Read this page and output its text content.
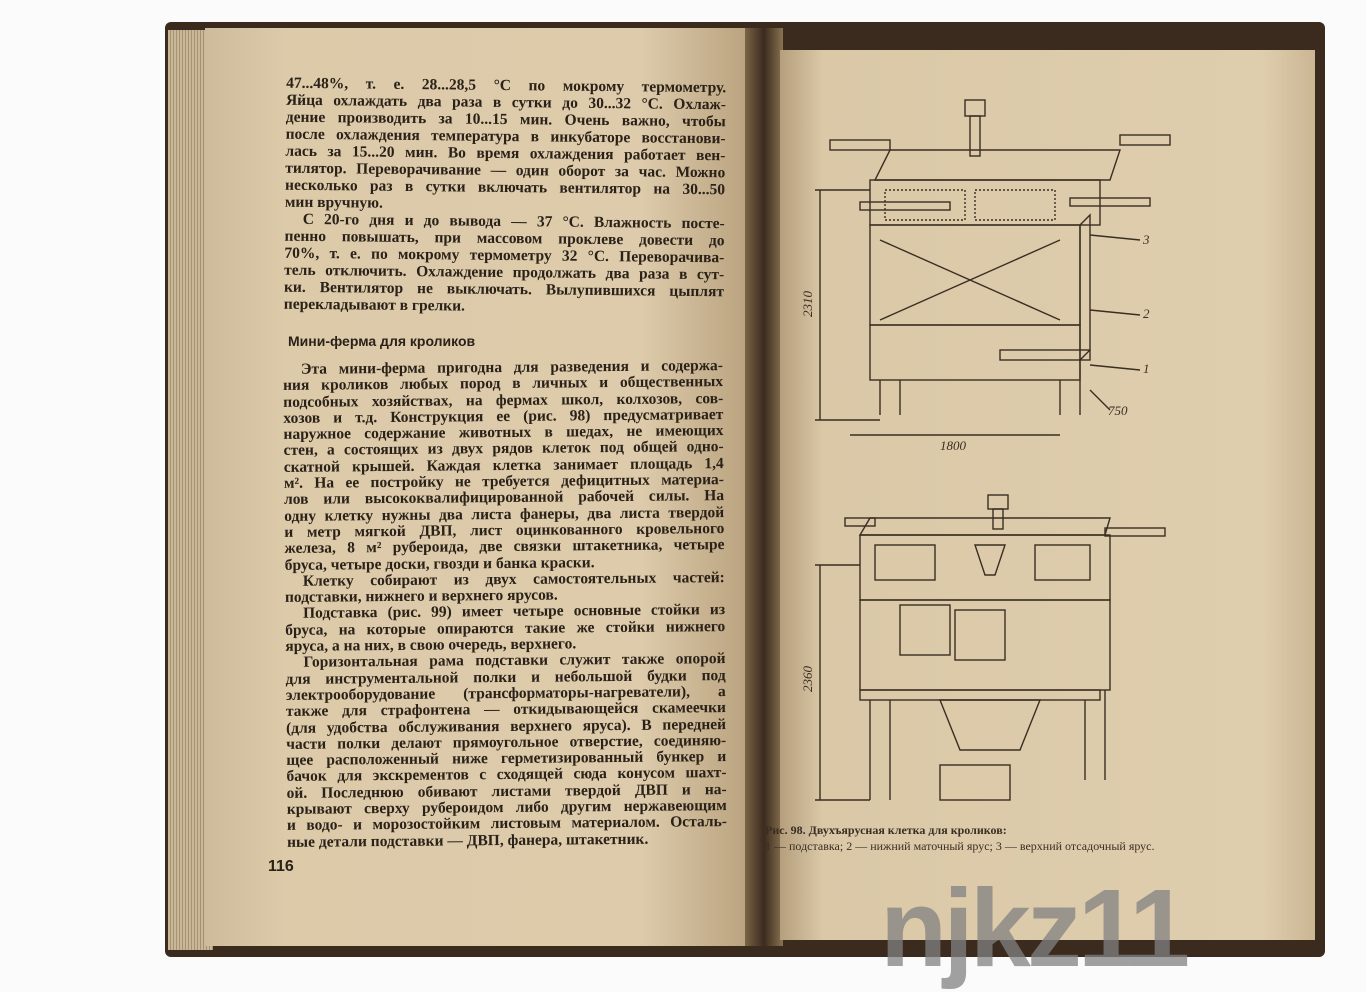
47...48%, т. е. 28...28,5 °С по мокрому термометру.
Яйца охлаждать два раза в сутки до 30...32 °С. Охлаж-
дение производить за 10...15 мин. Очень важно, чтобы
после охлаждения температура в инкубаторе восстанови-
лась за 15...20 мин. Во время охлаждения работает вен-
тилятор. Переворачивание — один оборот за час. Можно
несколько раз в сутки включать вентилятор на 30...50
мин вручную.
С 20-го дня и до вывода — 37 °С. Влажность посте-
пенно повышать, при массовом проклеве довести до
70%, т. е. по мокрому термометру 32 °С. Переворачива-
тель отключить. Охлаждение продолжать два раза в сут-
ки. Вентилятор не выключать. Вылупившихся цыплят
перекладывают в грелки.
Мини-ферма для кроликов
Эта мини-ферма пригодна для разведения и содержа-
ния кроликов любых пород в личных и общественных
подсобных хозяйствах, на фермах школ, колхозов, сов-
хозов и т.д. Конструкция ее (рис. 98) предусматривает
наружное содержание животных в шедах, не имеющих
стен, а состоящих из двух рядов клеток под общей одно-
скатной крышей. Каждая клетка занимает площадь 1,4
м². На ее постройку не требуется дефицитных материа-
лов или высококвалифицированной рабочей силы. На
одну клетку нужны два листа фанеры, два листа твердой
и метр мягкой ДВП, лист оцинкованного кровельного
железа, 8 м² рубероида, две связки штакетника, четыре
бруса, четыре доски, гвозди и банка краски.
Клетку собирают из двух самостоятельных частей:
подставки, нижнего и верхнего ярусов.
Подставка (рис. 99) имеет четыре основные стойки из
бруса, на которые опираются такие же стойки нижнего
яруса, а на них, в свою очередь, верхнего.
Горизонтальная рама подставки служит также опорой
для инструментальной полки и небольшой будки под
электрооборудование (трансформаторы-нагреватели), а
также для страфонтена — откидывающейся скамеечки
(для удобства обслуживания верхнего яруса). В передней
части полки делают прямоугольное отверстие, соединяю-
щее расположенный ниже герметизированный бункер и
бачок для экскрементов с сходящей сюда конусом шахт-
ой. Последнюю обивают листами твердой ДВП и на-
крывают сверху рубероидом либо другим нержавеющим
и водо- и морозостойким листовым материалом. Осталь-
ные детали подставки — ДВП, фанера, штакетник.
116
2310
1800
750
1
2
3
2360
Рис. 98. Двухъярусная клетка для кроликов:
1 — подставка; 2 — нижний маточный ярус; 3 — верхний отсадочный ярус.
njkz11
